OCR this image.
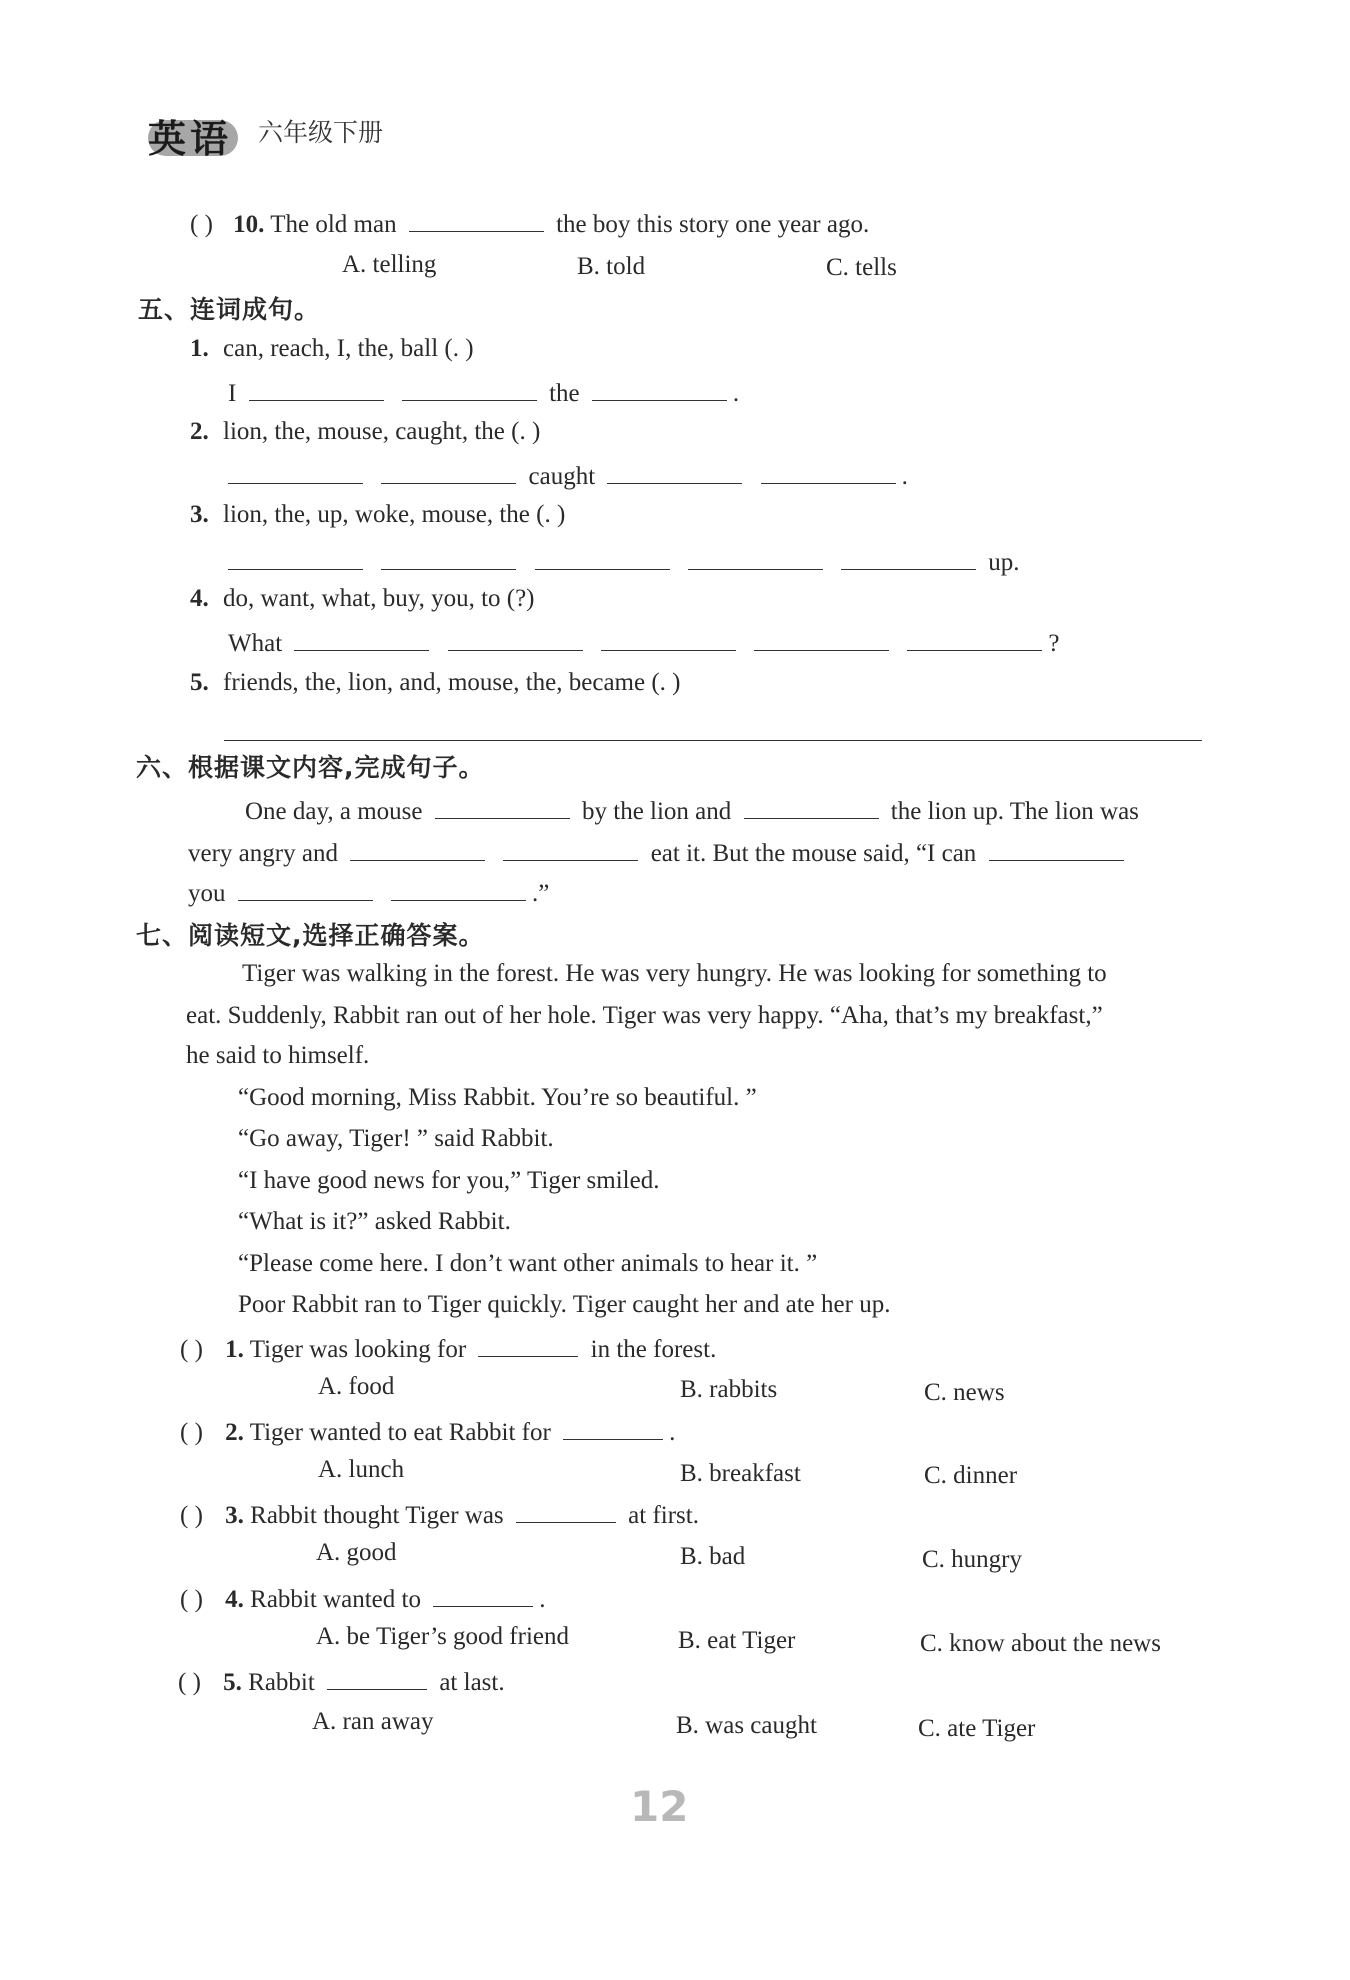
英语 六年级下册
( ) 10. The old man	the boy this story one year ago.
A. telling	B. told	C. tells
五、连词成句。
1. can, reach, I, the, ball (. )
I	the	.
2. lion, the, mouse, caught, the (. )
caught	.
3. lion, the, up, woke, mouse, the (. )
up.
4. do, want, what, buy, you, to (?)
What	?
5. friends, the, lion, and, mouse, the, became (. )
六、根据课文内容,完成句子。
One day, a mouse	by the lion and	the lion up. The lion was
very angry and	eat it. But the mouse said, “I can
you	.”
七、阅读短文,选择正确答案。
Tiger was walking in the forest. He was very hungry. He was looking for something to
eat. Suddenly, Rabbit ran out of her hole. Tiger was very happy. “Aha, that’s my breakfast,”
he said to himself.
“Good morning, Miss Rabbit. You’re so beautiful. ”
“Go away, Tiger! ” said Rabbit.
“I have good news for you,” Tiger smiled.
“What is it?” asked Rabbit.
“Please come here. I don’t want other animals to hear it. ”
Poor Rabbit ran to Tiger quickly. Tiger caught her and ate her up.
( ) 1. Tiger was looking for	in the forest.
A. food	B. rabbits	C. news
( ) 2. Tiger wanted to eat Rabbit for	.
A. lunch	B. breakfast	C. dinner
( ) 3. Rabbit thought Tiger was	at first.
A. good	B. bad	C. hungry
( ) 4. Rabbit wanted to	.
A. be Tiger’s good friend	B. eat Tiger	C. know about the news
( ) 5. Rabbit	at last.
A. ran away	B. was caught	C. ate Tiger
12
